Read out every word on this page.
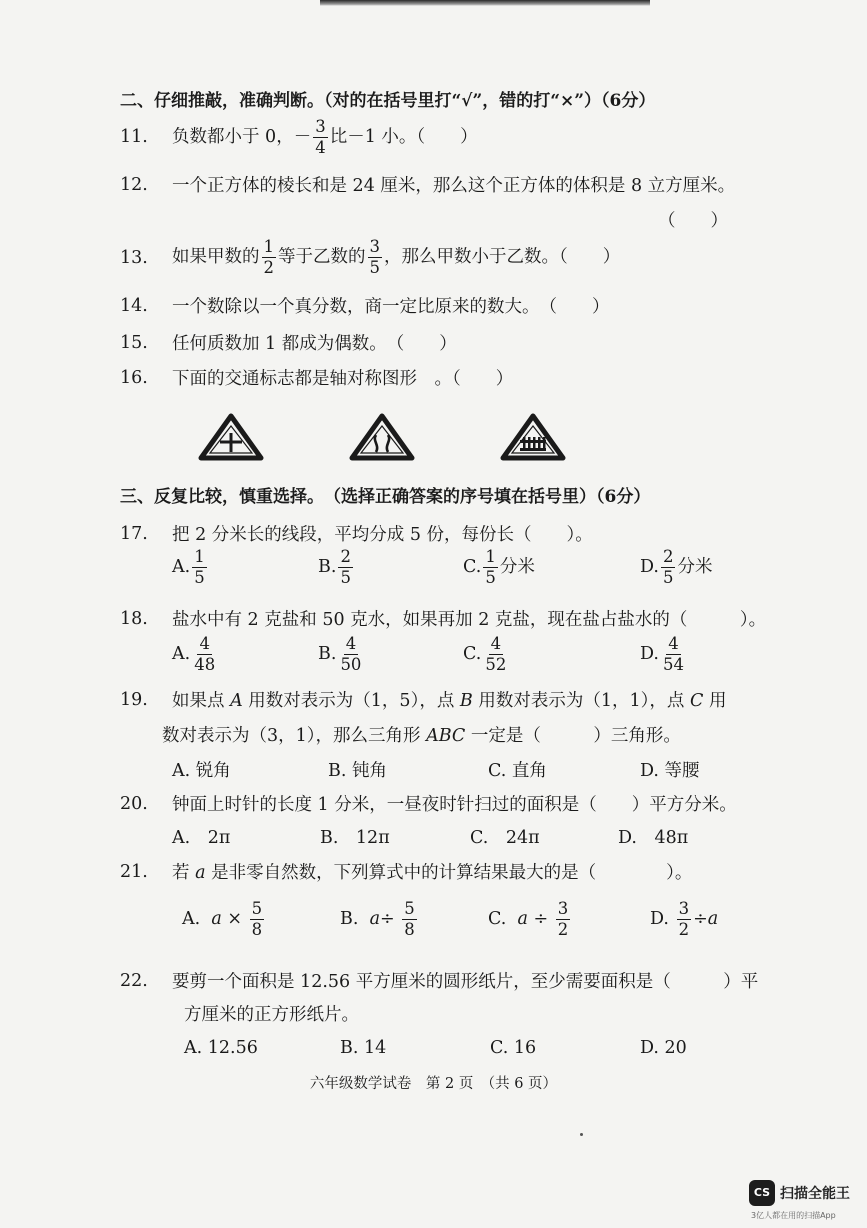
二、仔细推敲，准确判断。（对的在括号里打“√”，错的打“×”）（6分）
11. 负数都小于 0，－ $\frac{3}{4}$ 比－1 小。（　　）
12. 一个正方体的棱长和是 24 厘米，那么这个正方体的体积是 8 立方厘米。
（　　）
13. 如果甲数的 $\frac{1}{2}$ 等于乙数的 $\frac{3}{5}$ ，那么甲数小于乙数。（　　）
14. 一个数除以一个真分数，商一定比原来的数大。　（　　）
15. 任何质数加 1 都成为偶数。　（　　）
16. 下面的交通标志都是轴对称图形　。（　　）
三、反复比较，慎重选择。　（选择正确答案的序号填在括号里）（6分）
17. 把 2 分米长的线段，平均分成 5 份，每份长（　　）。
A. $\frac{1}{5}$	B. $\frac{2}{5}$	C. $\frac{1}{5}$ 分米	D. $\frac{2}{5}$ 分米
18. 盐水中有 2 克盐和 50 克水，如果再加 2 克盐，现在盐占盐水的（　　　）。
A. $\frac{4}{48}$	B. $\frac{4}{50}$	C. $\frac{4}{52}$	D. $\frac{4}{54}$
19. 如果点 A 用数对表示为（1，5），点 B 用数对表示为（1，1），点 C 用
数对表示为（3，1），那么三角形 ABC 一定是（　　　）三角形。
A. 锐角	B. 钝角	C. 直角	D. 等腰
20. 钟面上时针的长度 1 分米，一昼夜时针扫过的面积是（　　）平方分米。
A.　2π	B.　12π	C.　24π	D.　48π
21. 若 a 是非零自然数，下列算式中的计算结果最大的是（　　　　）。
A. $a \times \frac{5}{8}$	B. $a\div \frac{5}{8}$	C. $a \div \frac{3}{2}$	D. $\frac{3}{2} \div a$
22. 要剪一个面积是 12.56 平方厘米的圆形纸片，至少需要面积是（　　　）平
方厘米的正方形纸片。
A. 12.56	B. 14	C. 16	D. 20
六年级数学试卷　第 2 页　（共 6 页）
CS 扫描全能王
3亿人都在用的扫描App
